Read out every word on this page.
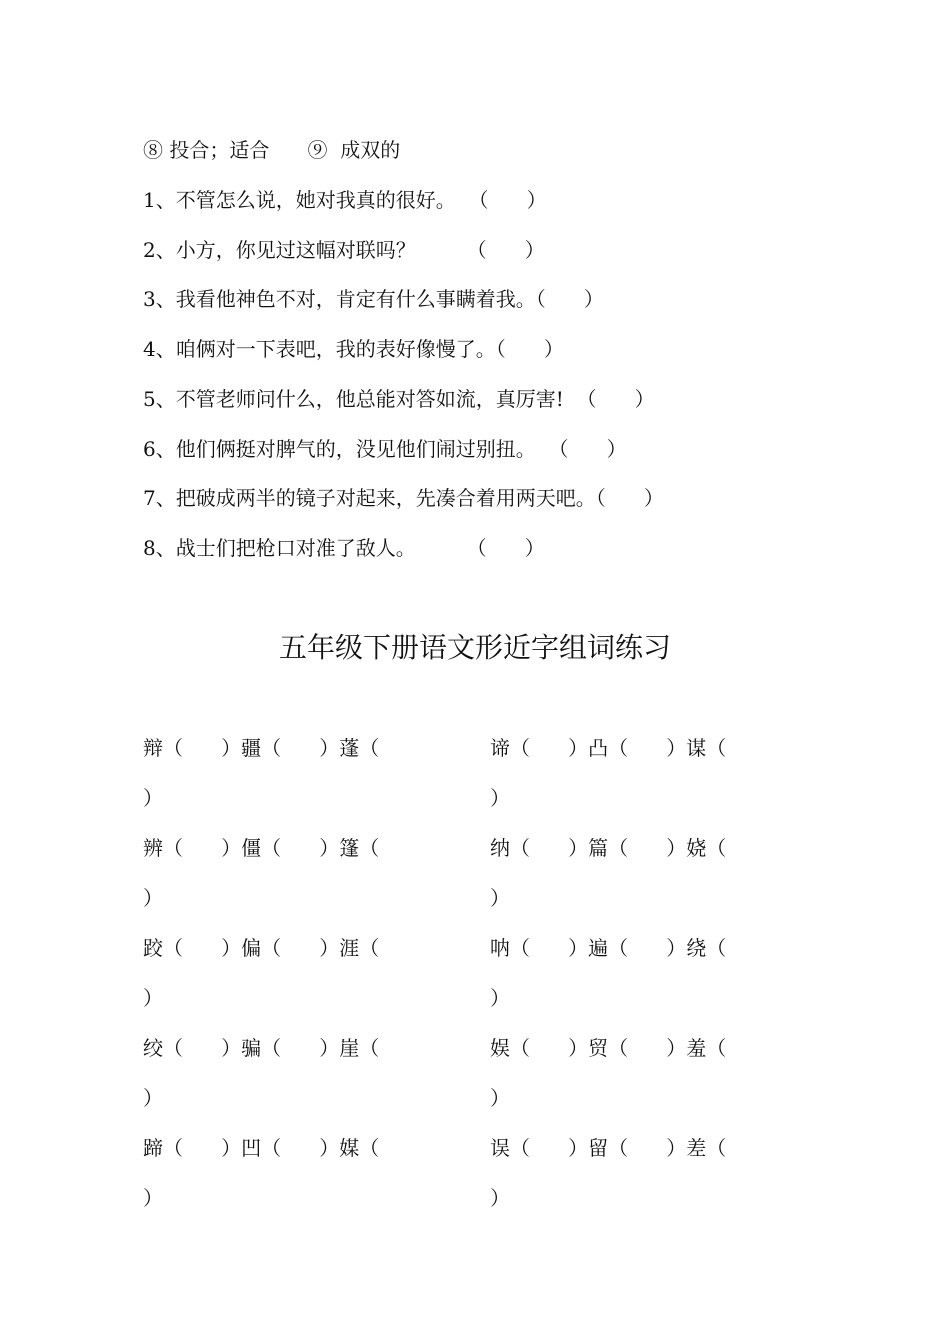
⑧ 投合；适合      ⑨  成双的
1、不管怎么说，她对我真的很好。  （      ）
2、小方，你见过这幅对联吗？        （      ）
3、我看他神色不对，肯定有什么事瞒着我。（      ）
4、咱俩对一下表吧，我的表好像慢了。（      ）
5、不管老师问什么，他总能对答如流，真厉害!  （      ）
6、他们俩挺对脾气的，没见他们闹过别扭。  （      ）
7、把破成两半的镜子对起来，先凑合着用两天吧。（      ）
8、战士们把枪口对准了敌人。        （      ）
五年级下册语文形近字组词练习
辩（      ）疆（      ）蓬（	谛（      ）凸（      ）谋（
）	）
辨（      ）僵（      ）篷（	纳（      ）篇（      ）娆（
）	）
跤（      ）偏（      ）涯（	呐（      ）遍（      ）绕（
）	）
绞（      ）骗（      ）崖（	娱（      ）贸（      ）羞（
）	）
蹄（      ）凹（      ）媒（	误（      ）留（      ）差（
）	）
